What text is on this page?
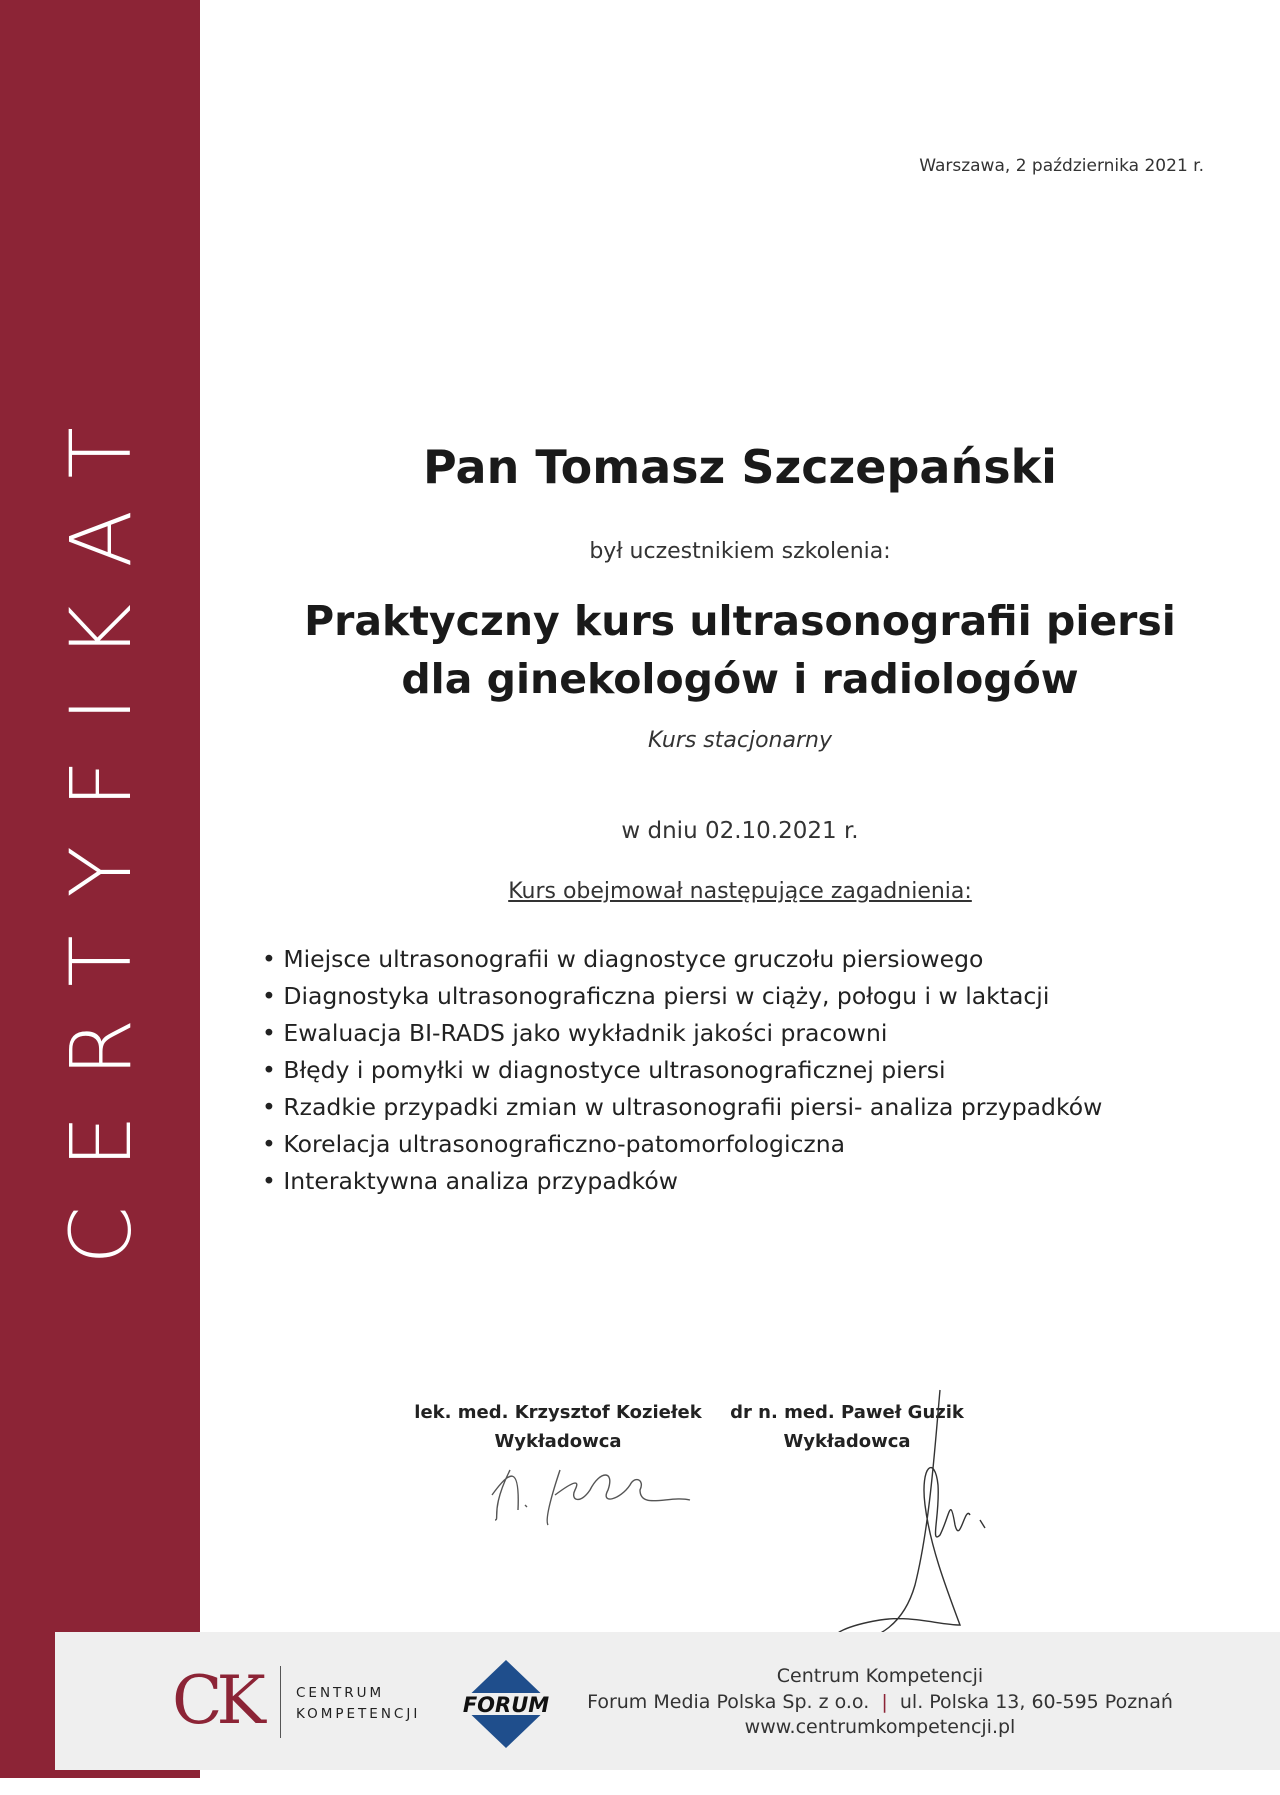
CERTYFIKAT
Warszawa, 2 października 2021 r.
Pan Tomasz Szczepański
był uczestnikiem szkolenia:
Praktyczny kurs ultrasonografii piersi
dla ginekologów i radiologów
Kurs stacjonarny
w dniu 02.10.2021 r.
Kurs obejmował następujące zagadnienia:
• Miejsce ultrasonografii w diagnostyce gruczołu piersiowego
• Diagnostyka ultrasonograficzna piersi w ciąży, połogu i w laktacji
• Ewaluacja BI-RADS jako wykładnik jakości pracowni
• Błędy i pomyłki w diagnostyce ultrasonograficznej piersi
• Rzadkie przypadki zmian w ultrasonografii piersi- analiza przypadków
• Korelacja ultrasonograficzno-patomorfologiczna
• Interaktywna analiza przypadków
lek. med. Krzysztof Koziełek
Wykładowca
dr n. med. Paweł Guzik
Wykładowca
CK	CENTRUM
KOMPETENCJI FORUM
Centrum Kompetencji
Forum Media Polska Sp. z o.o. | ul. Polska 13, 60-595 Poznań
www.centrumkompetencji.pl
